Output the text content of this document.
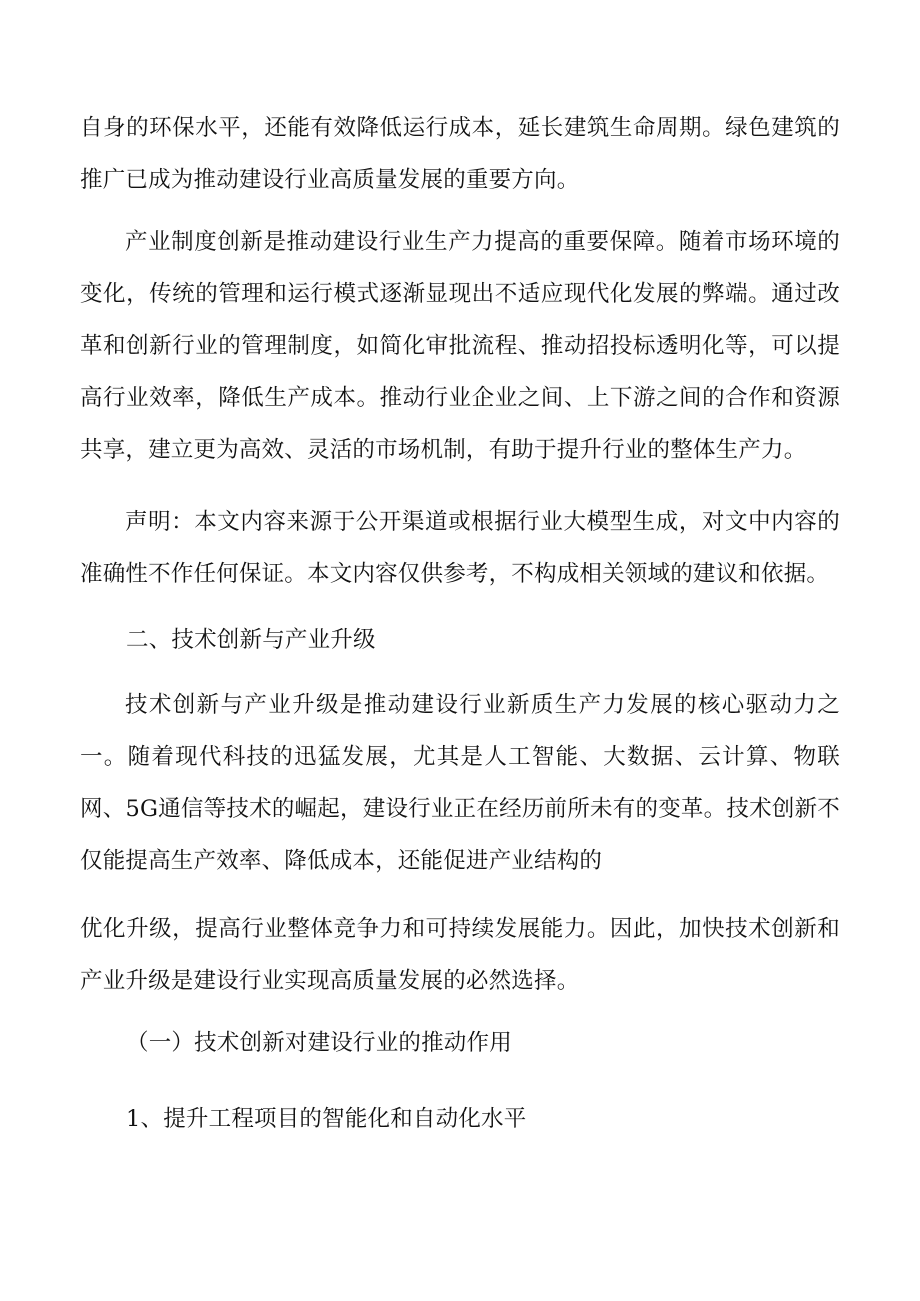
自身的环保水平，还能有效降低运行成本，延长建筑生命周期。绿色建筑的推广已成为推动建设行业高质量发展的重要方向。

产业制度创新是推动建设行业生产力提高的重要保障。随着市场环境的变化，传统的管理和运行模式逐渐显现出不适应现代化发展的弊端。通过改革和创新行业的管理制度，如简化审批流程、推动招投标透明化等，可以提高行业效率，降低生产成本。推动行业企业之间、上下游之间的合作和资源共享，建立更为高效、灵活的市场机制，有助于提升行业的整体生产力。

声明：本文内容来源于公开渠道或根据行业大模型生成，对文中内容的准确性不作任何保证。本文内容仅供参考，不构成相关领域的建议和依据。

二、技术创新与产业升级

技术创新与产业升级是推动建设行业新质生产力发展的核心驱动力之一。随着现代科技的迅猛发展，尤其是人工智能、大数据、云计算、物联网、5G通信等技术的崛起，建设行业正在经历前所未有的变革。技术创新不仅能提高生产效率、降低成本，还能促进产业结构的

优化升级，提高行业整体竞争力和可持续发展能力。因此，加快技术创新和产业升级是建设行业实现高质量发展的必然选择。

（一）技术创新对建设行业的推动作用
1、提升工程项目的智能化和自动化水平
